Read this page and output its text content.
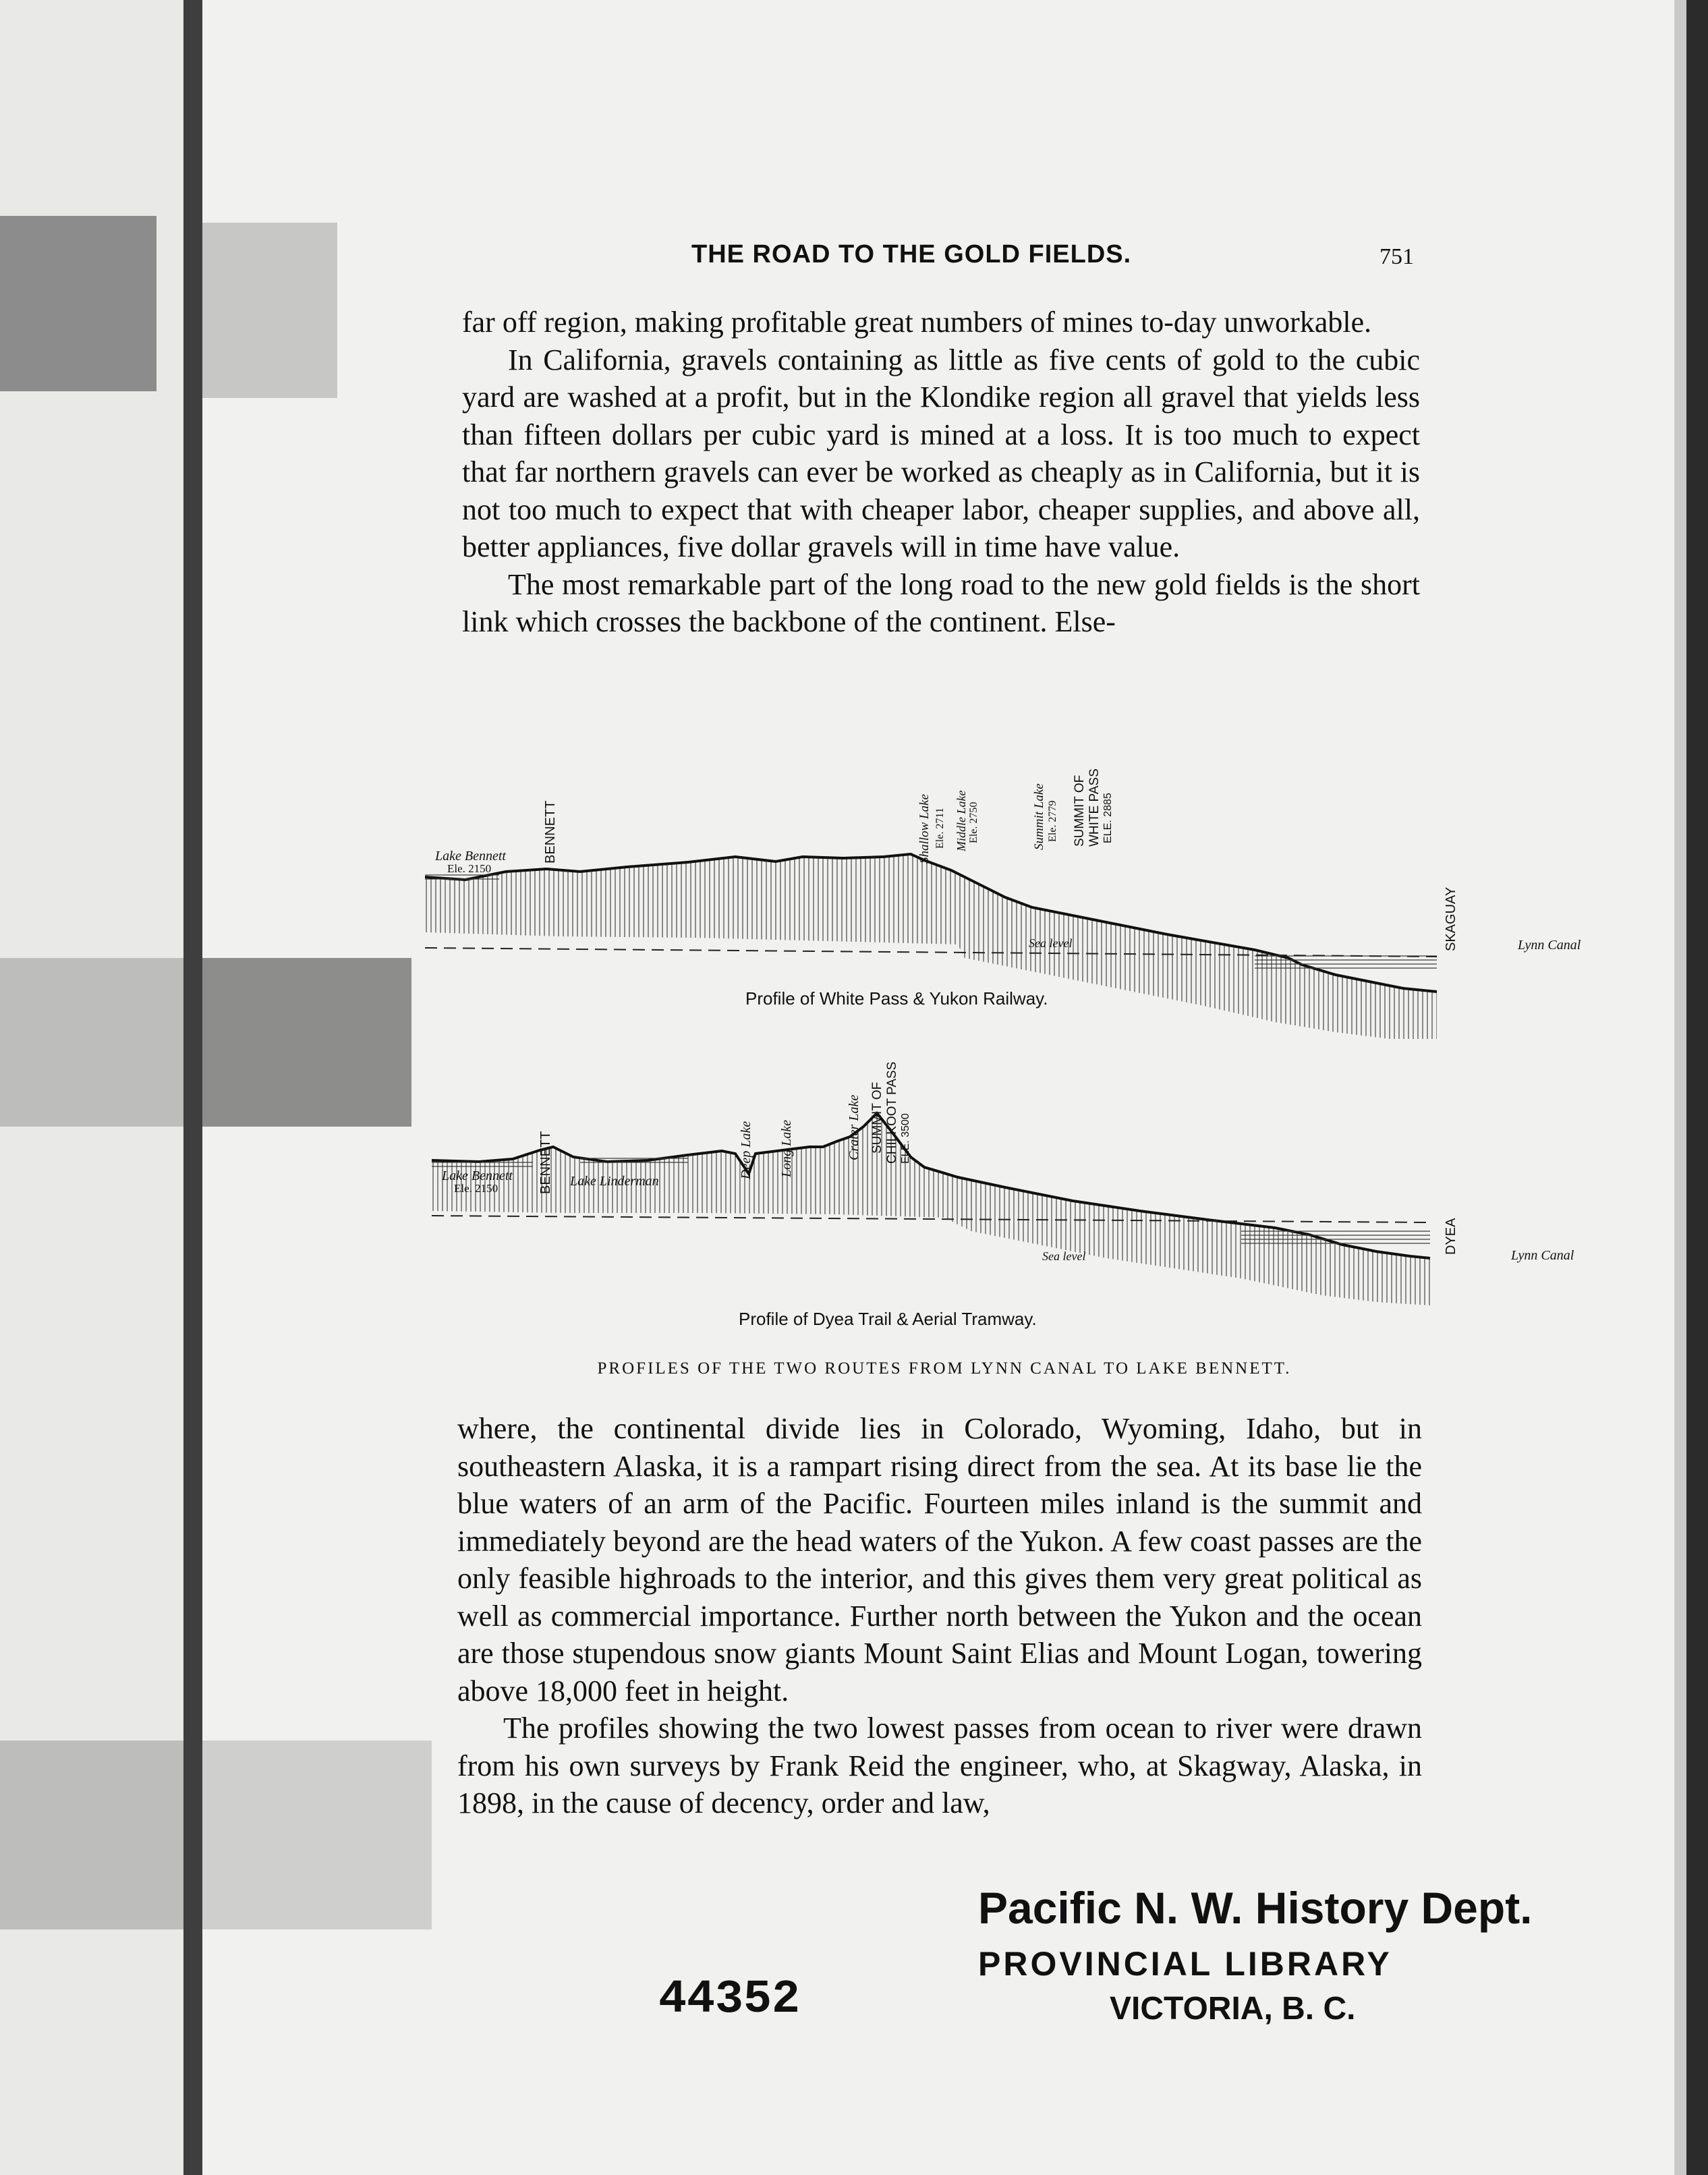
THE ROAD TO THE GOLD FIELDS.	751

far off region, making profitable great numbers of mines to-day unworkable.

In California, gravels containing as little as five cents of gold to the cubic yard are washed at a profit, but in the Klondike region all gravel that yields less than fifteen dollars per cubic yard is mined at a loss. It is too much to expect that far northern gravels can ever be worked as cheaply as in California, but it is not too much to expect that with cheaper labor, cheaper supplies, and above all, better appliances, five dollar gravels will in time have value.

The most remarkable part of the long road to the new gold fields is the short link which crosses the backbone of the continent. Else-

Lake Bennett
Ele. 2150
BENNETT	Shallow Lake Ele. 2711 Middle Lake Ele. 2750	Summit Lake Ele. 2779 SUMMIT OF WHITE PASS ELE. 2885
SKAGUAY	Lynn Canal
Sea level
Profile of White Pass & Yukon Railway.
Lake Bennett
Ele. 2150	BENNETT Lake Linderman
Deep Lake Long Lake	Crater Lake SUMMIT OF CHILKOOT PASS ELE. 3500
DYEA
Lynn Canal
Sea level
Profile of Dyea Trail & Aerial Tramway.
PROFILES OF THE TWO ROUTES FROM LYNN CANAL TO LAKE BENNETT.

where, the continental divide lies in Colorado, Wyoming, Idaho, but in southeastern Alaska, it is a rampart rising direct from the sea. At its base lie the blue waters of an arm of the Pacific. Fourteen miles inland is the summit and immediately beyond are the head waters of the Yukon. A few coast passes are the only feasible highroads to the interior, and this gives them very great political as well as commercial importance. Further north between the Yukon and the ocean are those stupendous snow giants Mount Saint Elias and Mount Logan, towering above 18,000 feet in height.

The profiles showing the two lowest passes from ocean to river were drawn from his own surveys by Frank Reid the engineer, who, at Skagway, Alaska, in 1898, in the cause of decency, order and law,

44352
Pacific N. W. History Dept.
PROVINCIAL LIBRARY
VICTORIA, B. C.
